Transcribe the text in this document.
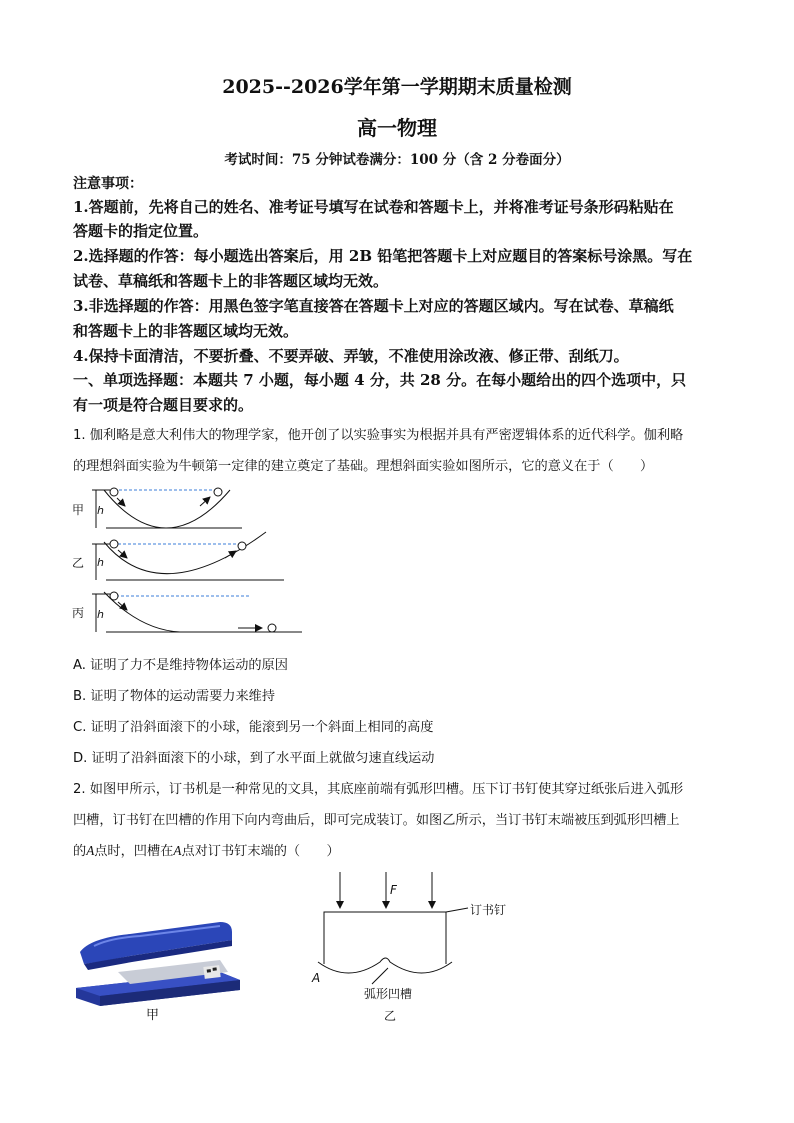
2025--2026学年第一学期期末质量检测
高一物理
考试时间：75 分钟试卷满分：100 分（含 2 分卷面分）
注意事项：
1.答题前，先将自己的姓名、准考证号填写在试卷和答题卡上，并将准考证号条形码粘贴在
答题卡的指定位置。
2.选择题的作答：每小题选出答案后，用 2B 铅笔把答题卡上对应题目的答案标号涂黑。写在
试卷、草稿纸和答题卡上的非答题区域均无效。
3.非选择题的作答：用黑色签字笔直接答在答题卡上对应的答题区域内。写在试卷、草稿纸
和答题卡上的非答题区域均无效。
4.保持卡面清洁，不要折叠、不要弄破、弄皱，不准使用涂改液、修正带、刮纸刀。
一、单项选择题：本题共 7 小题，每小题 4 分，共 28 分。在每小题给出的四个选项中，只
有一项是符合题目要求的。
1. 伽利略是意大利伟大的物理学家，他开创了以实验事实为根据并具有严密逻辑体系的近代科学。伽利略
的理想斜面实验为牛顿第一定律的建立奠定了基础。理想斜面实验如图所示，它的意义在于（　　）
甲 h
乙 h
丙 h
A. 证明了力不是维持物体运动的原因
B. 证明了物体的运动需要力来维持
C. 证明了沿斜面滚下的小球，能滚到另一个斜面上相同的高度
D. 证明了沿斜面滚下的小球，到了水平面上就做匀速直线运动
2. 如图甲所示，订书机是一种常见的文具，其底座前端有弧形凹槽。压下订书钉使其穿过纸张后进入弧形
凹槽，订书钉在凹槽的作用下向内弯曲后，即可完成装订。如图乙所示，当订书钉末端被压到弧形凹槽上
的A点时，凹槽在A点对订书钉末端的（　　）
甲
F
订书钉
弧形凹槽
A
乙
